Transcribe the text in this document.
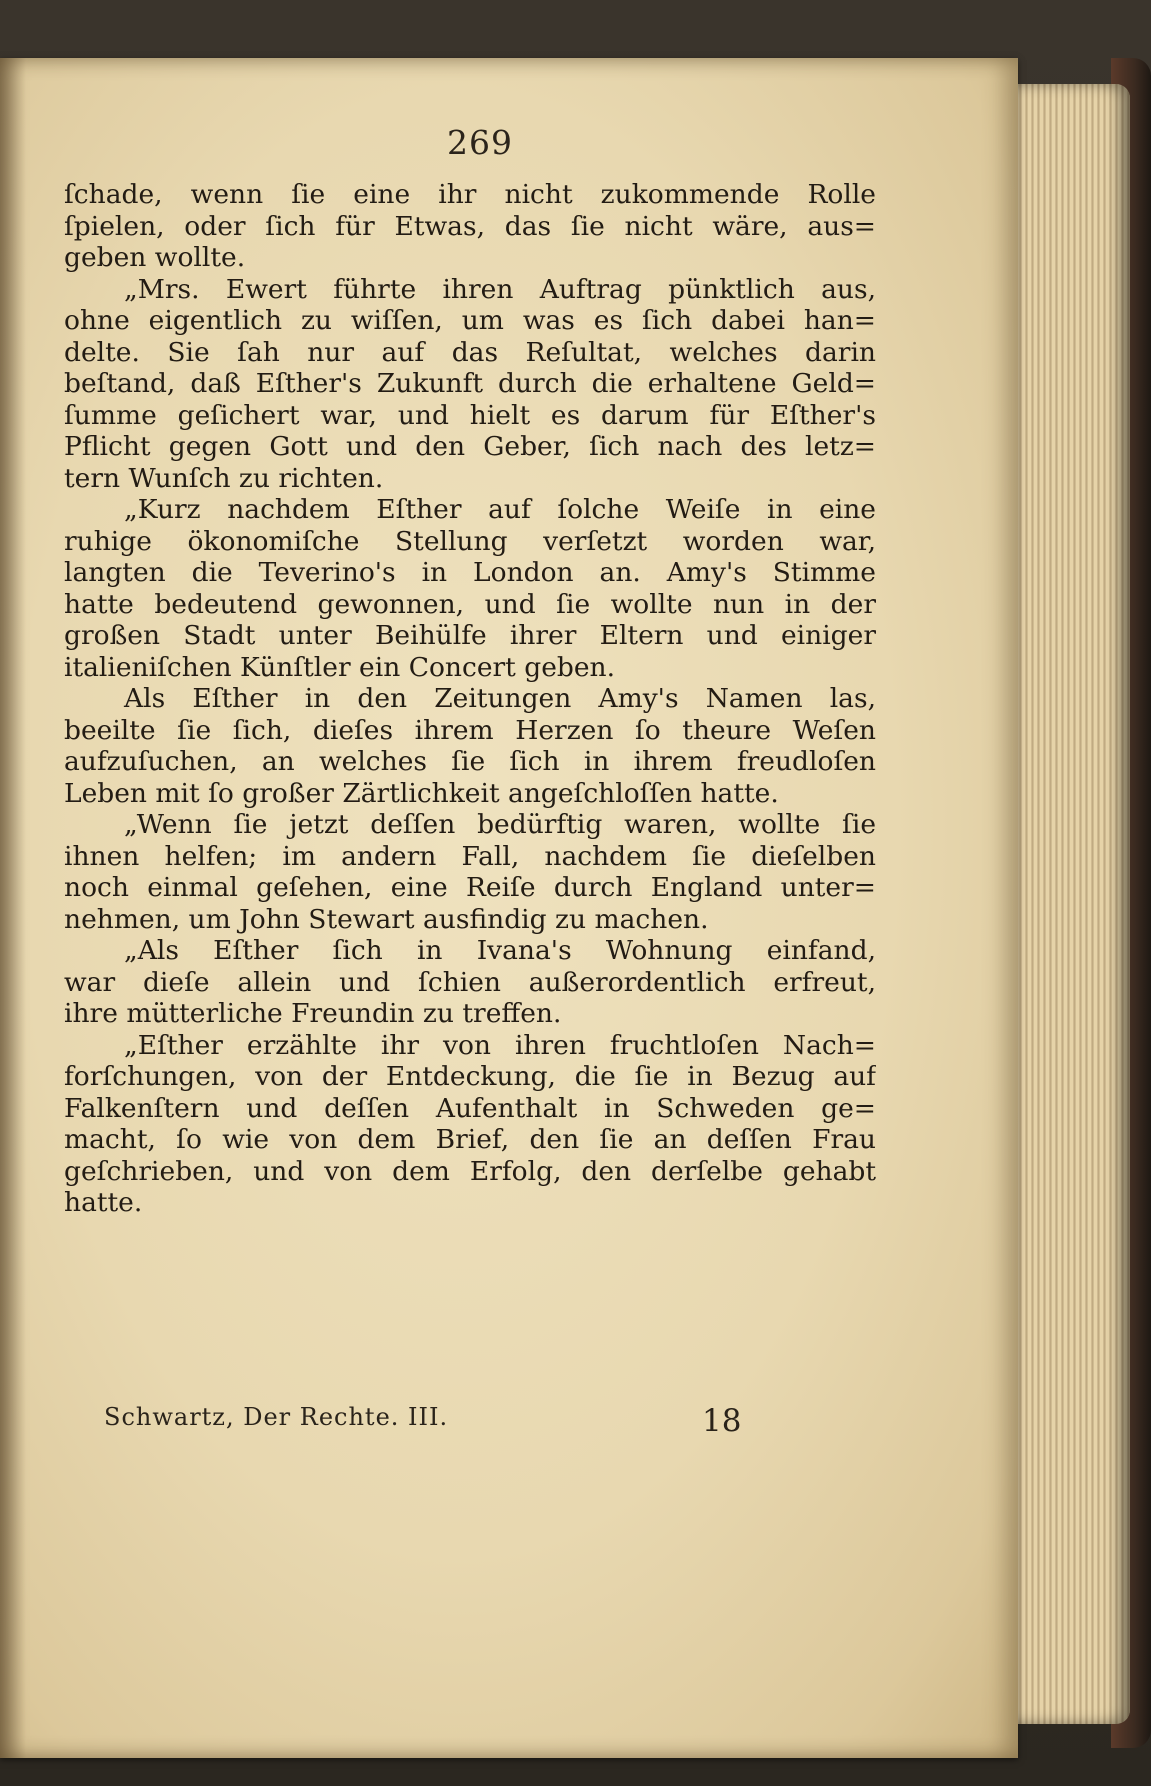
269
ſchade, wenn ſie eine ihr nicht zukommende Rolle
ſpielen, oder ſich für Etwas, das ſie nicht wäre, aus=
geben wollte.
„Mrs. Ewert führte ihren Auftrag pünktlich aus,
ohne eigentlich zu wiſſen, um was es ſich dabei han=
delte. Sie ſah nur auf das Reſultat, welches darin
beſtand, daß Eſther's Zukunft durch die erhaltene Geld=
ſumme geſichert war, und hielt es darum für Eſther's
Pflicht gegen Gott und den Geber, ſich nach des letz=
tern Wunſch zu richten.
„Kurz nachdem Eſther auf ſolche Weiſe in eine
ruhige ökonomiſche Stellung verſetzt worden war,
langten die Teverino's in London an. Amy's Stimme
hatte bedeutend gewonnen, und ſie wollte nun in der
großen Stadt unter Beihülfe ihrer Eltern und einiger
italieniſchen Künſtler ein Concert geben.
Als Eſther in den Zeitungen Amy's Namen las,
beeilte ſie ſich, dieſes ihrem Herzen ſo theure Weſen
aufzuſuchen, an welches ſie ſich in ihrem freudloſen
Leben mit ſo großer Zärtlichkeit angeſchloſſen hatte.
„Wenn ſie jetzt deſſen bedürftig waren, wollte ſie
ihnen helfen; im andern Fall, nachdem ſie dieſelben
noch einmal geſehen, eine Reiſe durch England unter=
nehmen, um John Stewart ausfindig zu machen.
„Als Eſther ſich in Ivana's Wohnung einfand,
war dieſe allein und ſchien außerordentlich erfreut,
ihre mütterliche Freundin zu treffen.
„Eſther erzählte ihr von ihren fruchtloſen Nach=
forſchungen, von der Entdeckung, die ſie in Bezug auf
Falkenſtern und deſſen Aufenthalt in Schweden ge=
macht, ſo wie von dem Brief, den ſie an deſſen Frau
geſchrieben, und von dem Erfolg, den derſelbe gehabt
hatte.
Schwartz, Der Rechte. III.	18
